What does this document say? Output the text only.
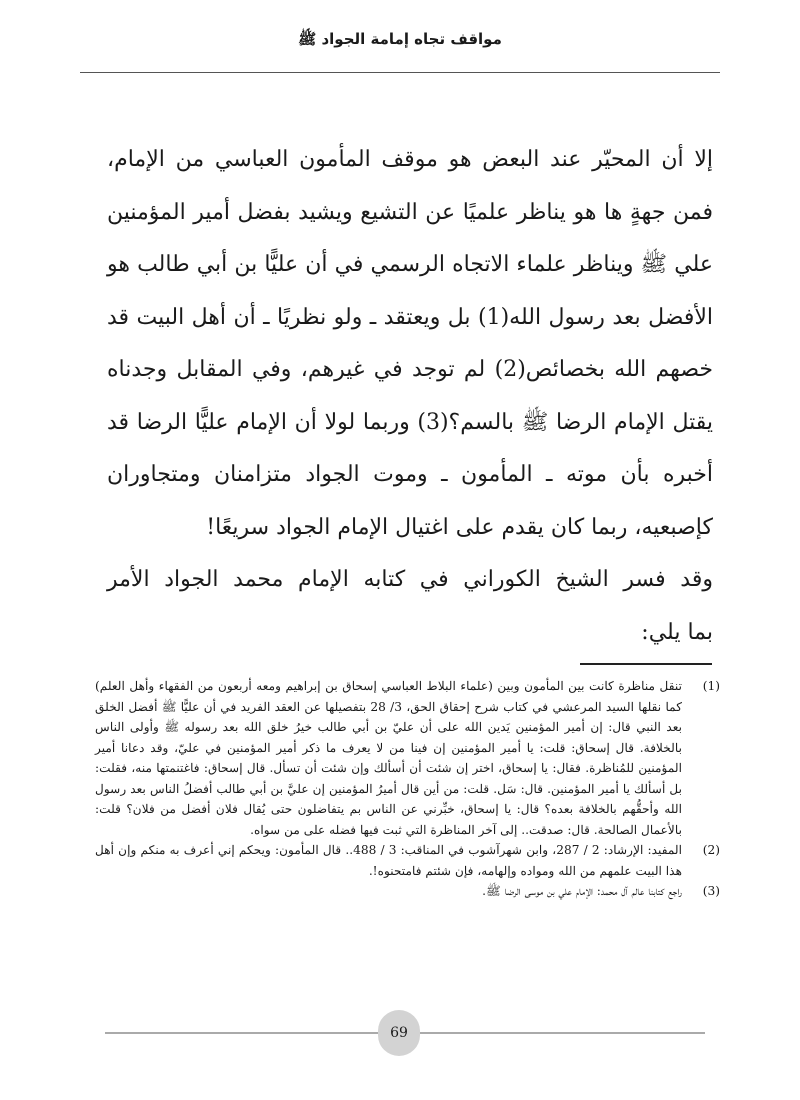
مواقف تجاه إمامة الجواد ﷺ
إلا أن المحيّر عند البعض هو موقف المأمون العباسي من الإمام،
فمن جهةٍ ها هو يناظر علميًا عن التشيع ويشيد بفضل أمير المؤمنين
علي ﷺ ويناظر علماء الاتجاه الرسمي في أن عليًّا بن أبي طالب هو
الأفضل بعد رسول الله(1) بل ويعتقد ـ ولو نظريًا ـ أن أهل البيت قد
خصهم الله بخصائص(2) لم توجد في غيرهم، وفي المقابل وجدناه
يقتل الإمام الرضا ﷺ بالسم؟(3) وربما لولا أن الإمام عليًّا الرضا قد
أخبره بأن موته ـ المأمون ـ وموت الجواد متزامنان ومتجاوران
كإصبعيه، ربما كان يقدم على اغتيال الإمام الجواد سريعًا!
وقد فسر الشيخ الكوراني في كتابه الإمام محمد الجواد الأمر
بما يلي:
(1)
تنقل مناظرة كانت بين المأمون وبين (علماء البلاط العباسي إسحاق بن إبراهيم ومعه أربعون من الفقهاء وأهل العلم) كما نقلها السيد المرعشي في كتاب شرح إحقاق الحق، 3/ 28 بتفصيلها عن العقد الفريد في أن عليًّا ﷺ أفضل الخلق بعد النبي قال: إن أمير المؤمنين يَدين الله على أن عليّ بن أبي طالب خيرُ خلق الله بعد رسوله ﷺ وأولى الناس بالخلافة. قال إسحاق: قلت: يا أمير المؤمنين إن فينا من لا يعرف ما ذكر أمير المؤمنين في عليّ، وقد دعانا أمير المؤمنين للمُناظرة. فقال: يا إسحاق، اختر إن شئت أن أسألك وإن شئت أن تسأل. قال إسحاق: فاغتنمتها منه، فقلت: بل أسألك يا أمير المؤمنين. قال: سَل. قلت: من أين قال أميرُ المؤمنين إن عليَّ بن أبي طالب أفضلُ الناس بعد رسول الله وأحقُّهم بالخلافة بعده؟ قال: يا إسحاق، خبِّرني عن الناس بم يتفاضلون حتى يُقال فلان أفضل من فلان؟ قلت: بالأعمال الصالحة. قال: صدقت.. إلى آخر المناظرة التي ثبت فيها فضله على من سواه.
(2)
المفيد: الإرشاد: 2 / 287، وابن شهرآشوب في المناقب: 3 / 488.. قال المأمون: ويحكم إني أعرف به منكم وإن أهل هذا البيت علمهم من الله ومواده وإلهامه، فإن شئتم فامتحنوه!.
(3)
راجع كتابنا عالم آل محمد: الإمام علي بن موسى الرضا ﷺ.
69
